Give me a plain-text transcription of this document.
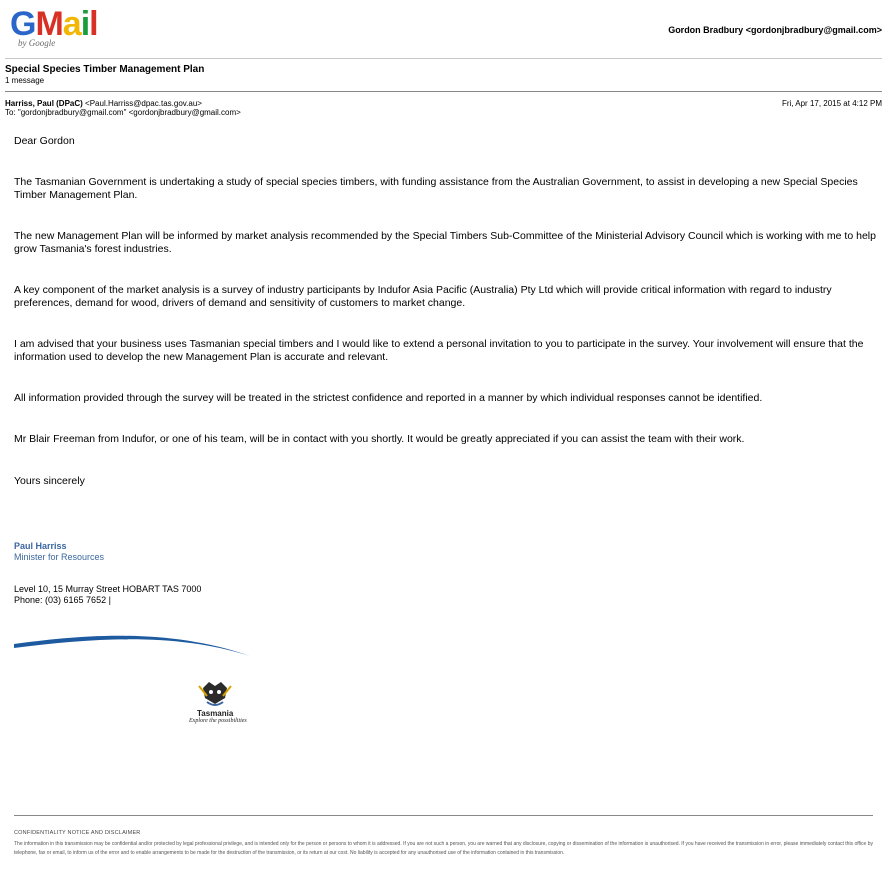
GMail
by Google
Gordon Bradbury <gordonjbradbury@gmail.com>
Special Species Timber Management Plan
1 message
Harriss, Paul (DPaC) <Paul.Harriss@dpac.tas.gov.au>
To: "gordonjbradbury@gmail.com" <gordonjbradbury@gmail.com>
Fri, Apr 17, 2015 at 4:12 PM

Dear Gordon

The Tasmanian Government is undertaking a study of special species timbers, with funding assistance from the Australian Government, to assist in developing a new Special Species Timber Management Plan.

The new Management Plan will be informed by market analysis recommended by the Special Timbers Sub-Committee of the Ministerial Advisory Council which is working with me to help grow Tasmania's forest industries.

A key component of the market analysis is a survey of industry participants by Indufor Asia Pacific (Australia) Pty Ltd which will provide critical information with regard to industry preferences, demand for wood, drivers of demand and sensitivity of customers to market change.

I am advised that your business uses Tasmanian special timbers and I would like to extend a personal invitation to you to participate in the survey. Your involvement will ensure that the information used to develop the new Management Plan is accurate and relevant.

All information provided through the survey will be treated in the strictest confidence and reported in a manner by which individual responses cannot be identified.

Mr Blair Freeman from Indufor, or one of his team, will be in contact with you shortly. It would be greatly appreciated if you can assist the team with their work.

Yours sincerely

Paul Harriss
Minister for Resources
Level 10, 15 Murray Street HOBART TAS 7000
Phone: (03) 6165 7652 |
Tasmania
Explore the possibilities
CONFIDENTIALITY NOTICE AND DISCLAIMER
The information in this transmission may be confidential and/or protected by legal professional privilege, and is intended only for the person or persons to whom it is addressed. If you are not such a person, you are warned that any disclosure, copying or dissemination of the information is unauthorised. If you have received the transmission in error, please immediately contact this office by telephone, fax or email, to inform us of the error and to enable arrangements to be made for the destruction of the transmission, or its return at our cost. No liability is accepted for any unauthorised use of the information contained in this transmission.
